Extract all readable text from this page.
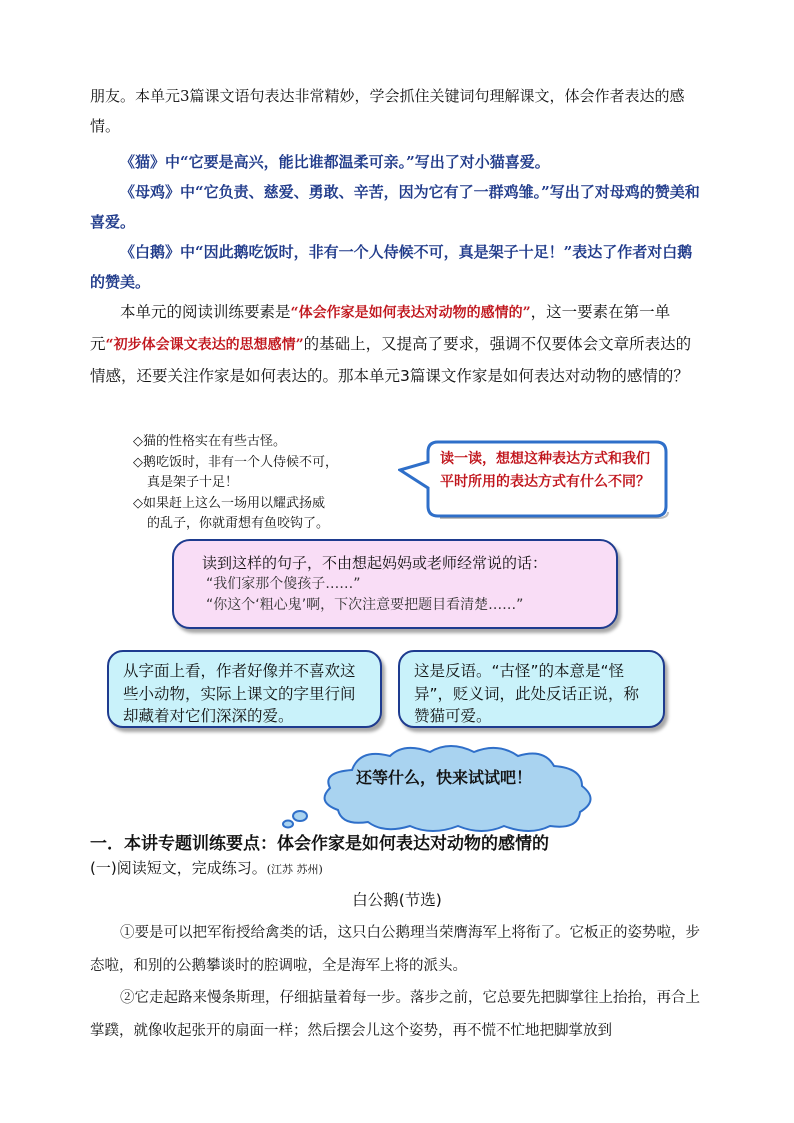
朋友。本单元3篇课文语句表达非常精妙，学会抓住关键词句理解课文，体会作者表达的感情。

《猫》中“它要是高兴，能比谁都温柔可亲。”写出了对小猫喜爱。

《母鸡》中“它负责、慈爱、勇敢、辛苦，因为它有了一群鸡雏。”写出了对母鸡的赞美和喜爱。

《白鹅》中“因此鹅吃饭时，非有一个人侍候不可，真是架子十足！”表达了作者对白鹅的赞美。

本单元的阅读训练要素是“体会作家是如何表达对动物的感情的”，这一要素在第一单元“初步体会课文表达的思想感情”的基础上，又提高了要求，强调不仅要体会文章所表达的情感，还要关注作家是如何表达的。那本单元3篇课文作家是如何表达对动物的感情的？

◇猫的性格实在有些古怪。
◇鹅吃饭时，非有一个人侍候不可，
真是架子十足！
◇如果赶上这么一场用以耀武扬威
的乱子，你就甭想有鱼咬钩了。
读一读，想想这种表达方式和我们平时所用的表达方式有什么不同？
读到这样的句子，不由想起妈妈或老师经常说的话：
“我们家那个傻孩子……”
“你这个‘粗心鬼’啊，下次注意要把题目看清楚……”
从字面上看，作者好像并不喜欢这些小动物，实际上课文的字里行间却藏着对它们深深的爱。
这是反语。“古怪”的本意是“怪异”，贬义词，此处反话正说，称赞猫可爱。
还等什么，快来试试吧！
一．本讲专题训练要点：体会作家是如何表达对动物的感情的
(一)阅读短文，完成练习。(江苏 苏州)
白公鹅(节选)

①要是可以把军衔授给禽类的话，这只白公鹅理当荣膺海军上将衔了。它板正的姿势啦，步态啦，和别的公鹅攀谈时的腔调啦，全是海军上将的派头。

②它走起路来慢条斯理，仔细掂量着每一步。落步之前，它总要先把脚掌往上抬抬，再合上掌蹼，就像收起张开的扇面一样；然后摆会儿这个姿势，再不慌不忙地把脚掌放到
